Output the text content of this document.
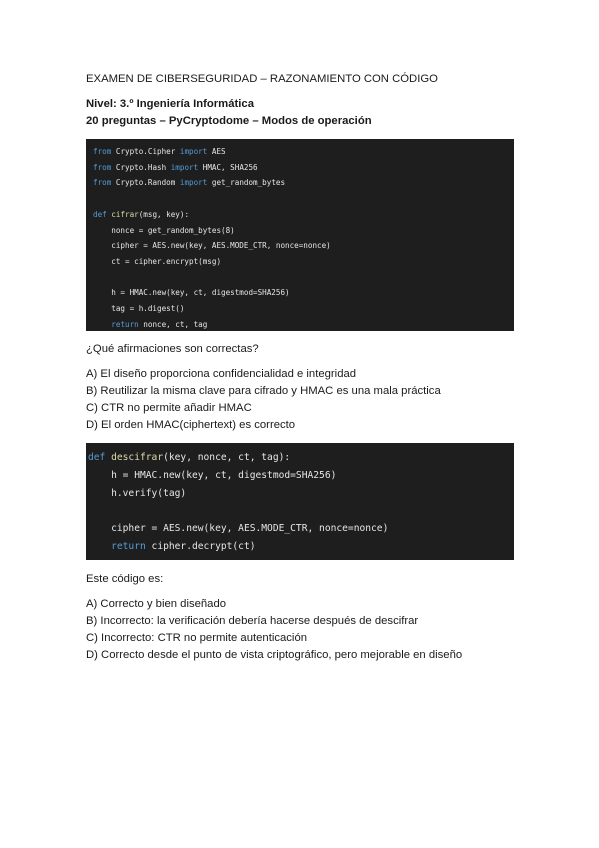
EXAMEN DE CIBERSEGURIDAD – RAZONAMIENTO CON CÓDIGO
Nivel: 3.º Ingeniería Informática
20 preguntas – PyCryptodome – Modos de operación
from Crypto.Cipher import AES
from Crypto.Hash import HMAC, SHA256
from Crypto.Random import get_random_bytes

def cifrar(msg, key):
nonce = get_random_bytes(8)
cipher = AES.new(key, AES.MODE_CTR, nonce=nonce)
ct = cipher.encrypt(msg)

h = HMAC.new(key, ct, digestmod=SHA256)
tag = h.digest()
return nonce, ct, tag
¿Qué afirmaciones son correctas?
A) El diseño proporciona confidencialidad e integridad
B) Reutilizar la misma clave para cifrado y HMAC es una mala práctica
C) CTR no permite añadir HMAC
D) El orden HMAC(ciphertext) es correcto
def descifrar(key, nonce, ct, tag):
h = HMAC.new(key, ct, digestmod=SHA256)
h.verify(tag)

cipher = AES.new(key, AES.MODE_CTR, nonce=nonce)
return cipher.decrypt(ct)
Este código es:
A) Correcto y bien diseñado
B) Incorrecto: la verificación debería hacerse después de descifrar
C) Incorrecto: CTR no permite autenticación
D) Correcto desde el punto de vista criptográfico, pero mejorable en diseño
